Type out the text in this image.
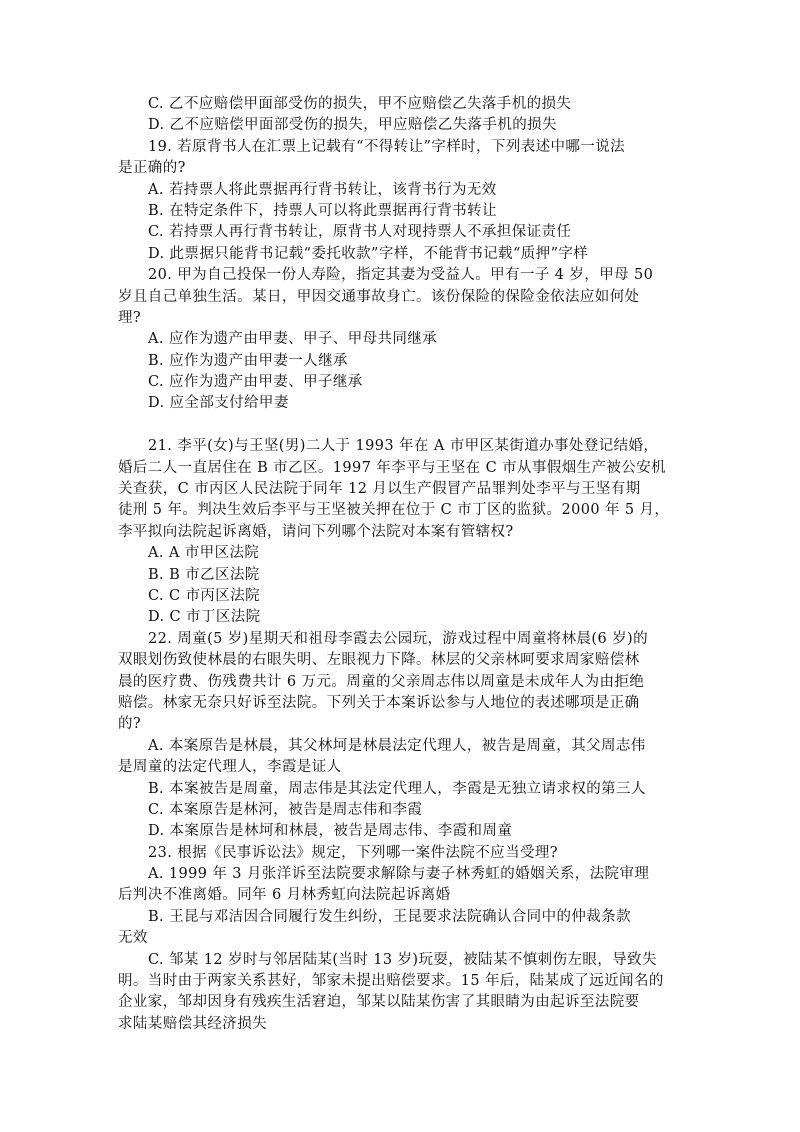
C. 乙不应赔偿甲面部受伤的损失，甲不应赔偿乙失落手机的损失
D. 乙不应赔偿甲面部受伤的损失，甲应赔偿乙失落手机的损失
19. 若原背书人在汇票上记载有“不得转让”字样时，下列表述中哪一说法
是正确的?
A. 若持票人将此票据再行背书转让，该背书行为无效
B. 在特定条件下，持票人可以将此票据再行背书转让
C. 若持票人再行背书转让，原背书人对现持票人不承担保证责任
D. 此票据只能背书记载“委托收款”字样，不能背书记载“质押”字样
20. 甲为自己投保一份人寿险，指定其妻为受益人。甲有一子 4 岁，甲母 50
岁且自己单独生活。某日，甲因交通事故身亡。该份保险的保险金依法应如何处
理?
A. 应作为遗产由甲妻、甲子、甲母共同继承
B. 应作为遗产由甲妻一人继承
C. 应作为遗产由甲妻、甲子继承
D. 应全部支付给甲妻
21. 李平(女)与王坚(男)二人于 1993 年在 A 市甲区某街道办事处登记结婚，
婚后二人一直居住在 B 市乙区。1997 年李平与王坚在 C 市从事假烟生产被公安机
关查获，C 市丙区人民法院于同年 12 月以生产假冒产品罪判处李平与王坚有期
徒刑 5 年。判决生效后李平与王坚被关押在位于 C 市丁区的监狱。2000 年 5 月，
李平拟向法院起诉离婚，请问下列哪个法院对本案有管辖权?
A. A 市甲区法院
B. B 市乙区法院
C. C 市丙区法院
D. C 市丁区法院
22. 周童(5 岁)星期天和祖母李霞去公园玩，游戏过程中周童将林晨(6 岁)的
双眼划伤致使林晨的右眼失明、左眼视力下降。林层的父亲林呵要求周家赔偿林
晨的医疗费、伤残费共计 6 万元。周童的父亲周志伟以周童是未成年人为由拒绝
赔偿。林家无奈只好诉至法院。下列关于本案诉讼参与人地位的表述哪项是正确
的?
A. 本案原告是林晨，其父林坷是林晨法定代理人，被告是周童，其父周志伟
是周童的法定代理人，李霞是证人
B. 本案被告是周童，周志伟是其法定代理人，李霞是无独立请求权的第三人
C. 本案原告是林河，被告是周志伟和李霞
D. 本案原告是林坷和林晨，被告是周志伟、李霞和周童
23. 根据《民事诉讼法》规定，下列哪一案件法院不应当受理?
A. 1999 年 3 月张洋诉至法院要求解除与妻子林秀虹的婚姻关系，法院审理
后判决不准离婚。同年 6 月林秀虹向法院起诉离婚
B. 王昆与邓洁因合同履行发生纠纷，王昆要求法院确认合同中的仲裁条款
无效
C. 邹某 12 岁时与邻居陆某(当时 13 岁)玩耍，被陆某不慎刺伤左眼，导致失
明。当时由于两家关系甚好，邹家未提出赔偿要求。15 年后，陆某成了远近闻名的
企业家，邹却因身有残疾生活窘迫，邹某以陆某伤害了其眼睛为由起诉至法院要
求陆某赔偿其经济损失
